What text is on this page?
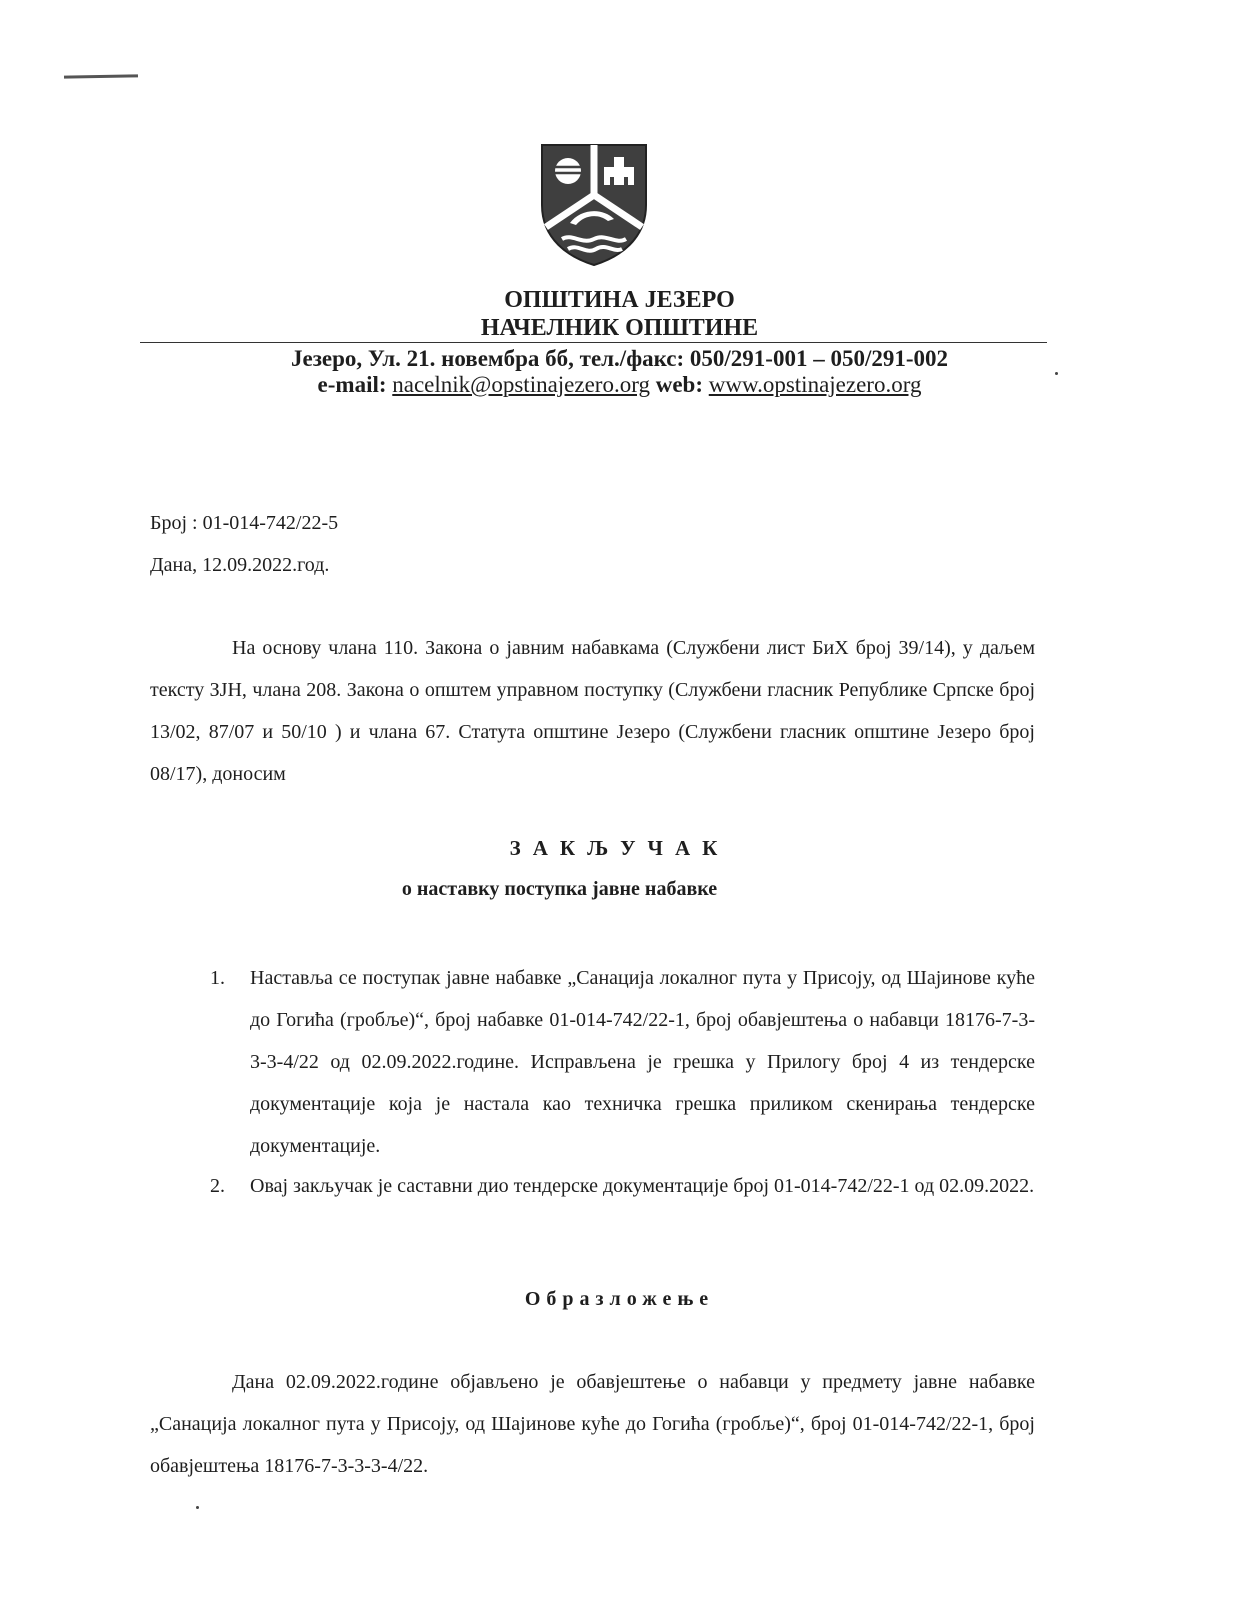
ОПШТИНА ЈЕЗЕРО
НАЧЕЛНИК ОПШТИНЕ
Језеро, Ул. 21. новембра бб, тел./факс: 050/291-001 – 050/291-002
e-mail: nacelnik@opstinajezero.org web: www.opstinajezero.org
Број : 01-014-742/22-5
Дана, 12.09.2022.год.

На основу члана 110. Закона о јавним набавкама (Службени лист БиХ број 39/14), у даљем тексту ЗЈН, члана 208. Закона о општем управном поступку (Службени гласник Републике Српске број 13/02, 87/07 и 50/10 ) и члана 67. Статута општине Језеро (Службени гласник општине Језеро број 08/17), доносим

ЗАКЉУЧАК
о наставку поступка јавне набавке
1. Наставља се поступак јавне набавке „Санација локалног пута у Присоју, од Шајинове куће до Гогића (гробље)“, број набавке 01-014-742/22-1, број обавјештења о набавци 18176-7-3-3-3-4/22 од 02.09.2022.године. Исправљена је грешка у Прилогу број 4 из тендерске документације која је настала као техничка грешка приликом скенирања тендерске документације.
2. Овај закључак је саставни дио тендерске документације број 01-014-742/22-1 од 02.09.2022.
Образложење

Дана 02.09.2022.године објављено је обавјештење о набавци у предмету јавне набавке „Санација локалног пута у Присоју, од Шајинове куће до Гогића (гробље)“, број 01-014-742/22-1, број обавјештења 18176-7-3-3-3-4/22.
